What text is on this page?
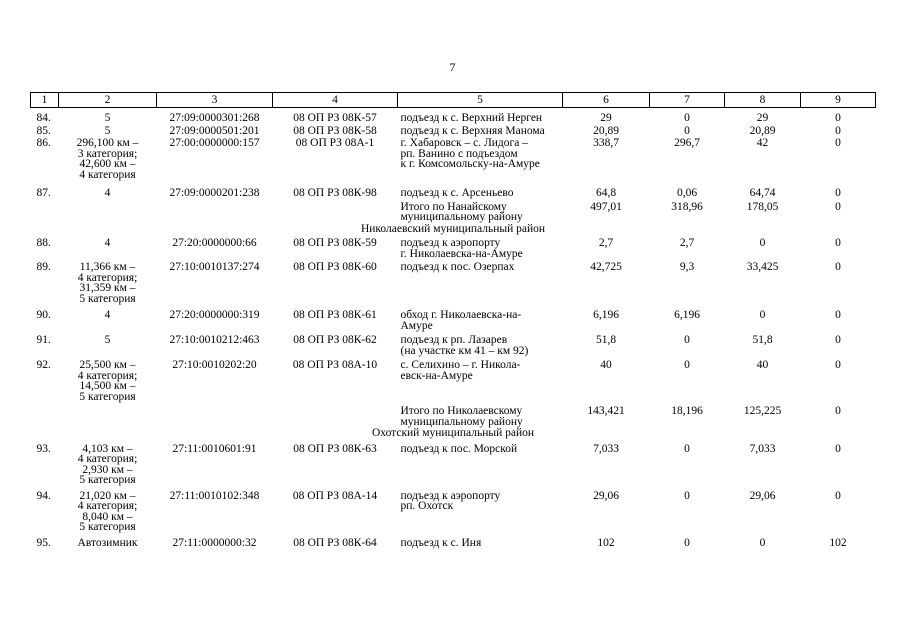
7
1	2	3	4	5	6	7	8	9
84.	5	27:09:0000301:268	08 ОП РЗ 08К-57	подъезд к с. Верхний Нерген	29	0	29	0
85.	5	27:09:0000501:201	08 ОП РЗ 08К-58	подъезд к с. Верхняя Манома	20,89	0	20,89	0
86.	296,100 км –
3 категория;
42,600 км –
4 категория	27:00:0000000:157	08 ОП РЗ 08А-1	г. Хабаровск – с. Лидога –
рп. Ванино с подъездом
к г. Комсомольску-на-Амуре	338,7	296,7	42	0
87.	4	27:09:0000201:238	08 ОП РЗ 08К-98	подъезд к с. Арсеньево	64,8	0,06	64,74	0
				Итого по Нанайскому
муниципальному району	497,01	318,96	178,05	0
Николаевский муниципальный район								
88.	4	27:20:0000000:66	08 ОП РЗ 08К-59	подъезд к аэропорту
г. Николаевска-на-Амуре	2,7	2,7	0	0
89.	11,366 км –
4 категория;
31,359 км –
5 категория	27:10:0010137:274	08 ОП РЗ 08К-60	подъезд к пос. Озерпах	42,725	9,3	33,425	0
90.	4	27:20:0000000:319	08 ОП РЗ 08К-61	обход г. Николаевска-на-
Амуре	6,196	6,196	0	0
91.	5	27:10:0010212:463	08 ОП РЗ 08К-62	подъезд к рп. Лазарев
(на участке км 41 – км 92)	51,8	0	51,8	0
92.	25,500 км –
4 категория;
14,500 км –
5 категория	27:10:0010202:20	08 ОП РЗ 08А-10	с. Селихино – г. Никола-
евск-на-Амуре	40	0	40	0
				Итого по Николаевскому
муниципальному району	143,421	18,196	125,225	0
Охотский муниципальный район								
93.	4,103 км –
4 категория;
2,930 км –
5 категория	27:11:0010601:91	08 ОП РЗ 08К-63	подъезд к пос. Морской	7,033	0	7,033	0
94.	21,020 км –
4 категория;
8,040 км –
5 категория	27:11:0010102:348	08 ОП РЗ 08А-14	подъезд к аэропорту
рп. Охотск	29,06	0	29,06	0
95.	Автозимник	27:11:0000000:32	08 ОП РЗ 08К-64	подъезд к с. Иня	102	0	0	102
